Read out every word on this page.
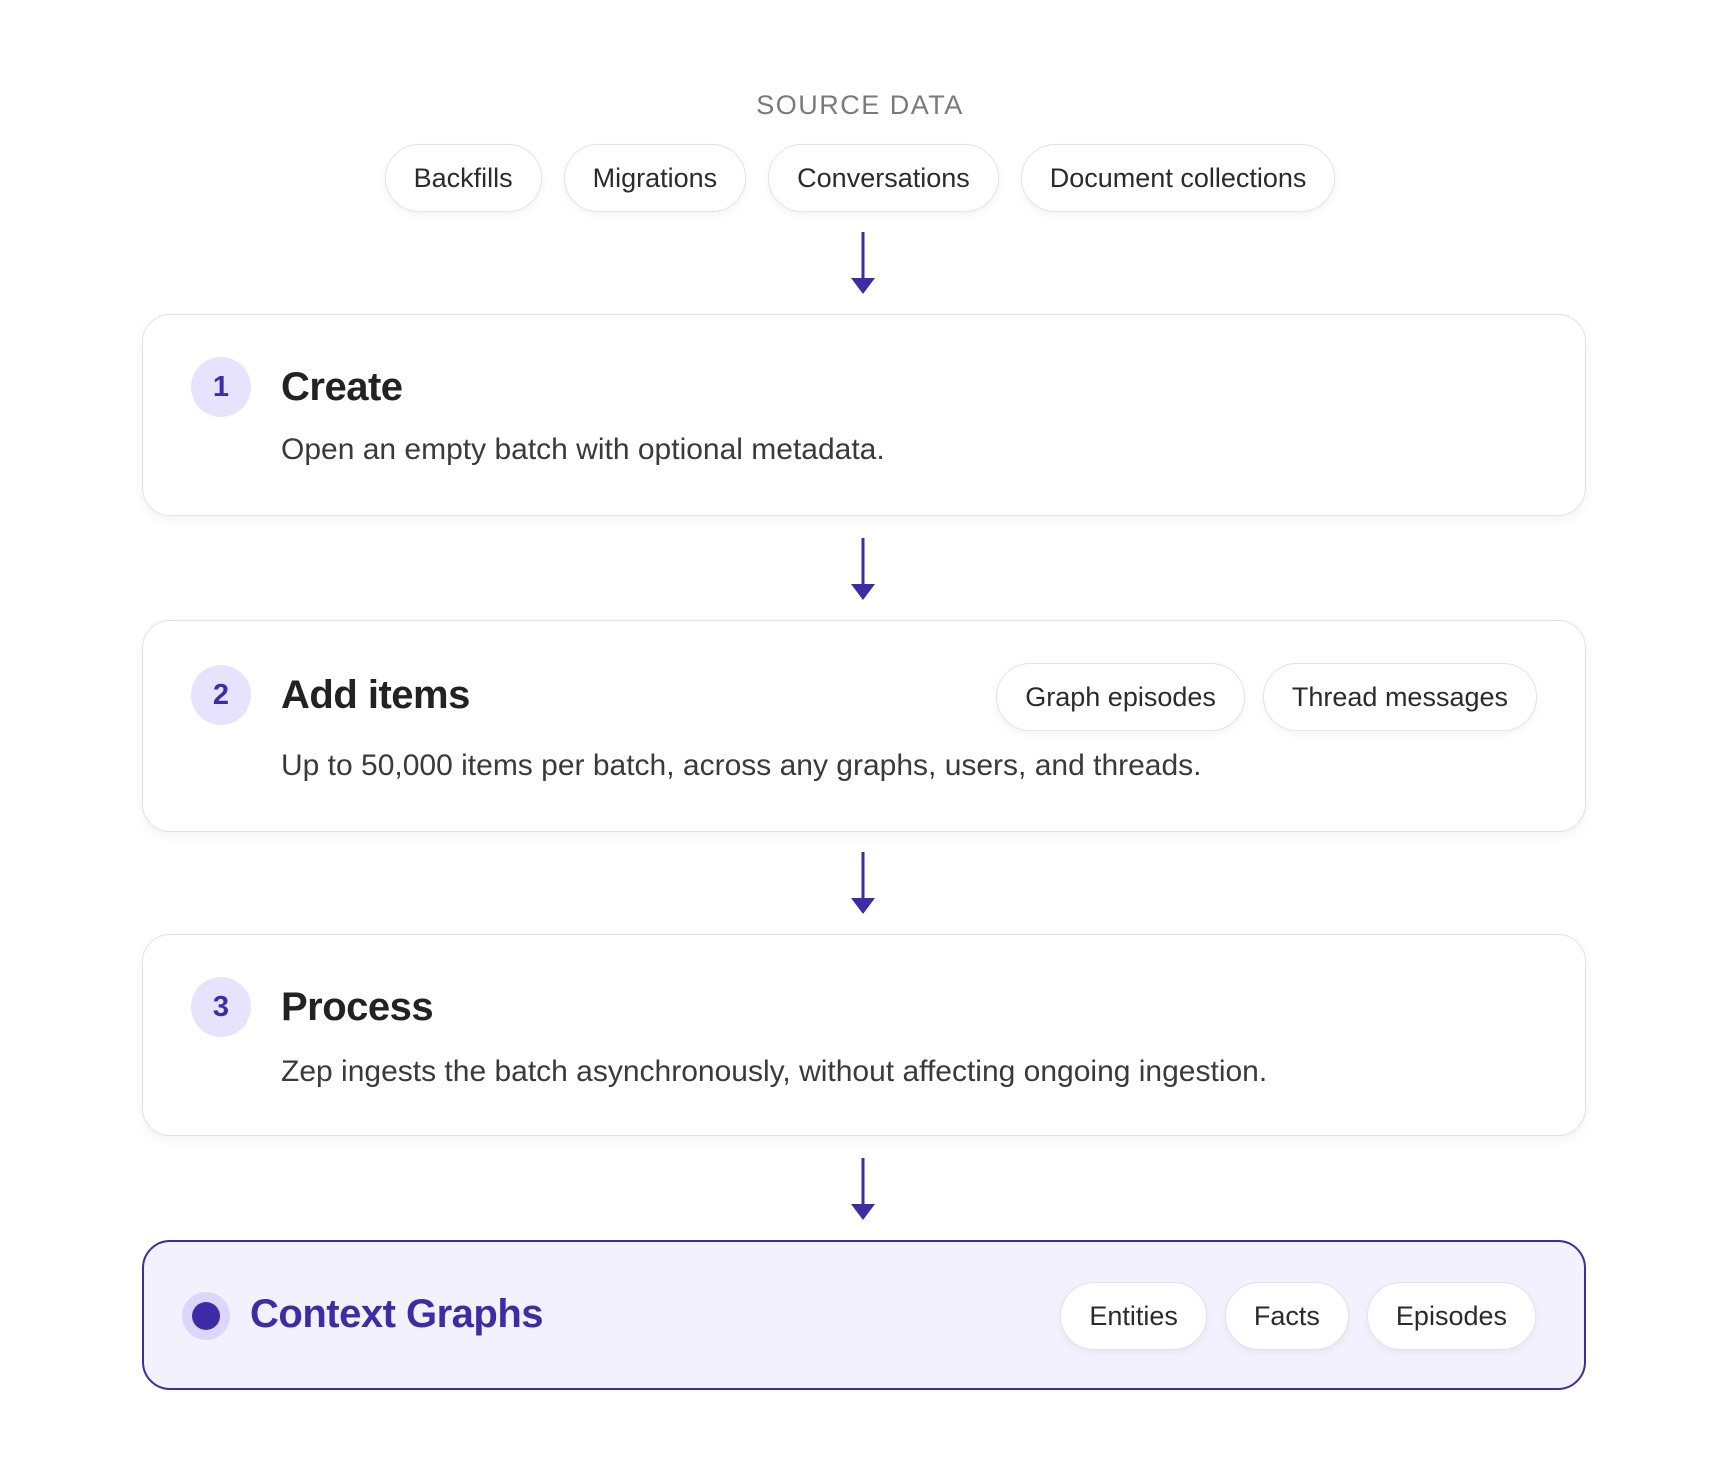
SOURCE DATA
Backfills	Migrations	Conversations	Document collections
1	Create
Open an empty batch with optional metadata.
2	Add items	Graph episodes	Thread messages
Up to 50,000 items per batch, across any graphs, users, and threads.
3	Process
Zep ingests the batch asynchronously, without affecting ongoing ingestion.
Context Graphs	Entities	Facts	Episodes
